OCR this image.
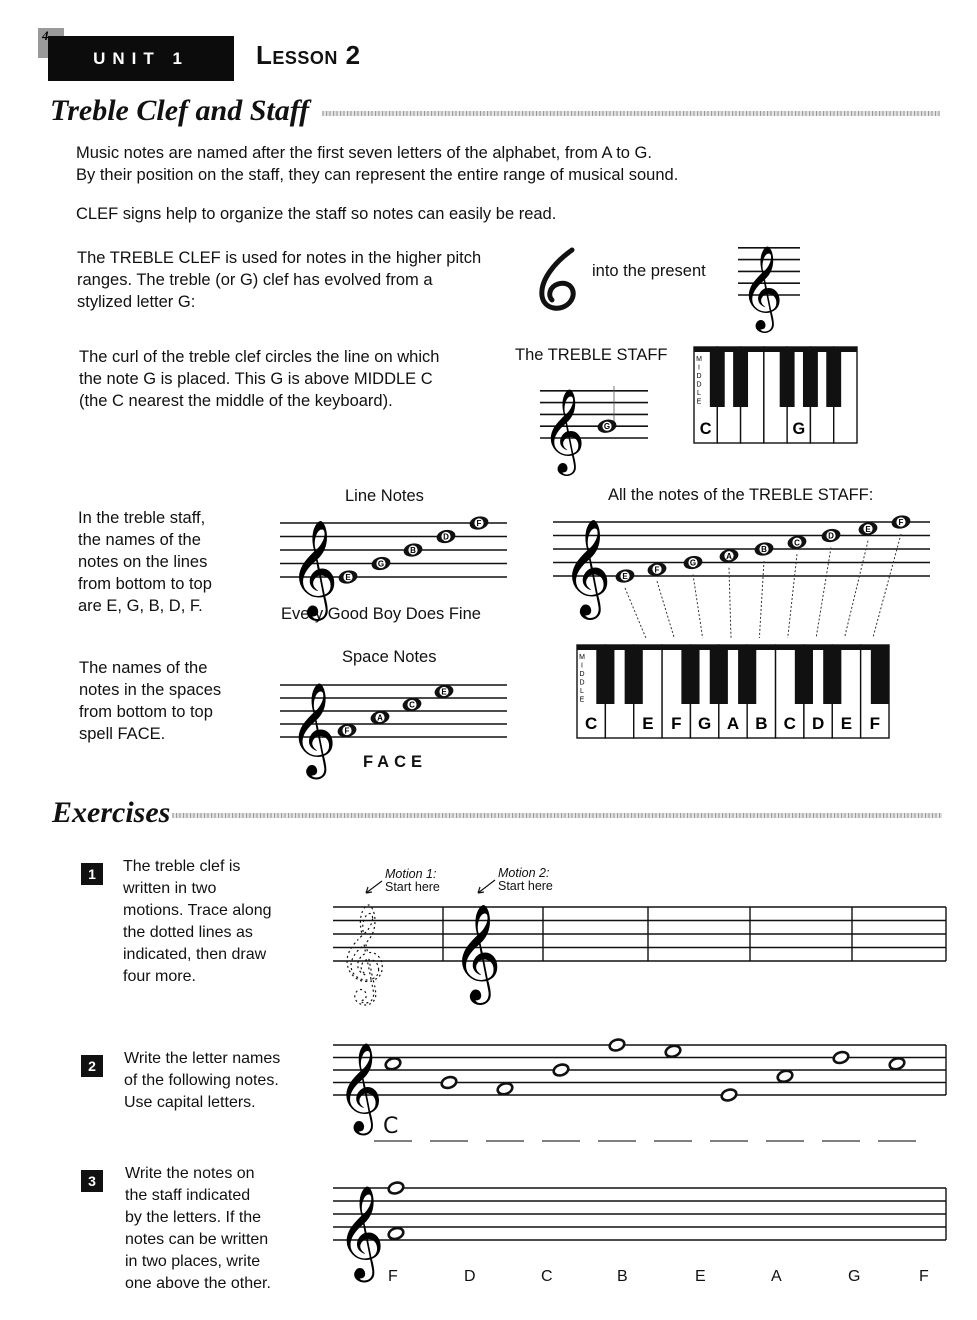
4
UNIT 1	Lesson 2
Treble Clef and Staff
Music notes are named after the first seven letters of the alphabet, from A to G.
By their position on the staff, they can represent the entire range of musical sound.
CLEF signs help to organize the staff so notes can easily be read.
The TREBLE CLEF is used for notes in the higher pitch
ranges. The treble (or G) clef has evolved from a
stylized letter G:
into the present
The curl of the treble clef circles the line on which
the note G is placed. This G is above MIDDLE C
(the C nearest the middle of the keyboard).
The TREBLE STAFF
In the treble staff,
the names of the
notes on the lines
from bottom to top
are E, G, B, D, F.
Line Notes
Every Good Boy Does Fine
The names of the
notes in the spaces
from bottom to top
spell FACE.
Space Notes
FACE
All the notes of the TREBLE STAFF:
Exercises
1	The treble clef is
written in two
motions. Trace along
the dotted lines as
indicated, then draw
four more.
Motion 1:
Start here
Motion 2:
Start here
2	Write the letter names
of the following notes.
Use capital letters.
C
3	Write the notes on
the staff indicated
by the letters. If the
notes can be written
in two places, write
one above the other.	F	D	C	B	E	A	G	F
𝄞
𝄞 G	C	G
M
I
D
D
L
E
𝄞 E
G
B
D
F
𝄞 F
A
C
E
C	E F G A B C D E F
M
I
D
D
L
E
𝄞 E
F
G
A
B
C
D
E
F
𝄞 𝄞
𝄞
𝄞
